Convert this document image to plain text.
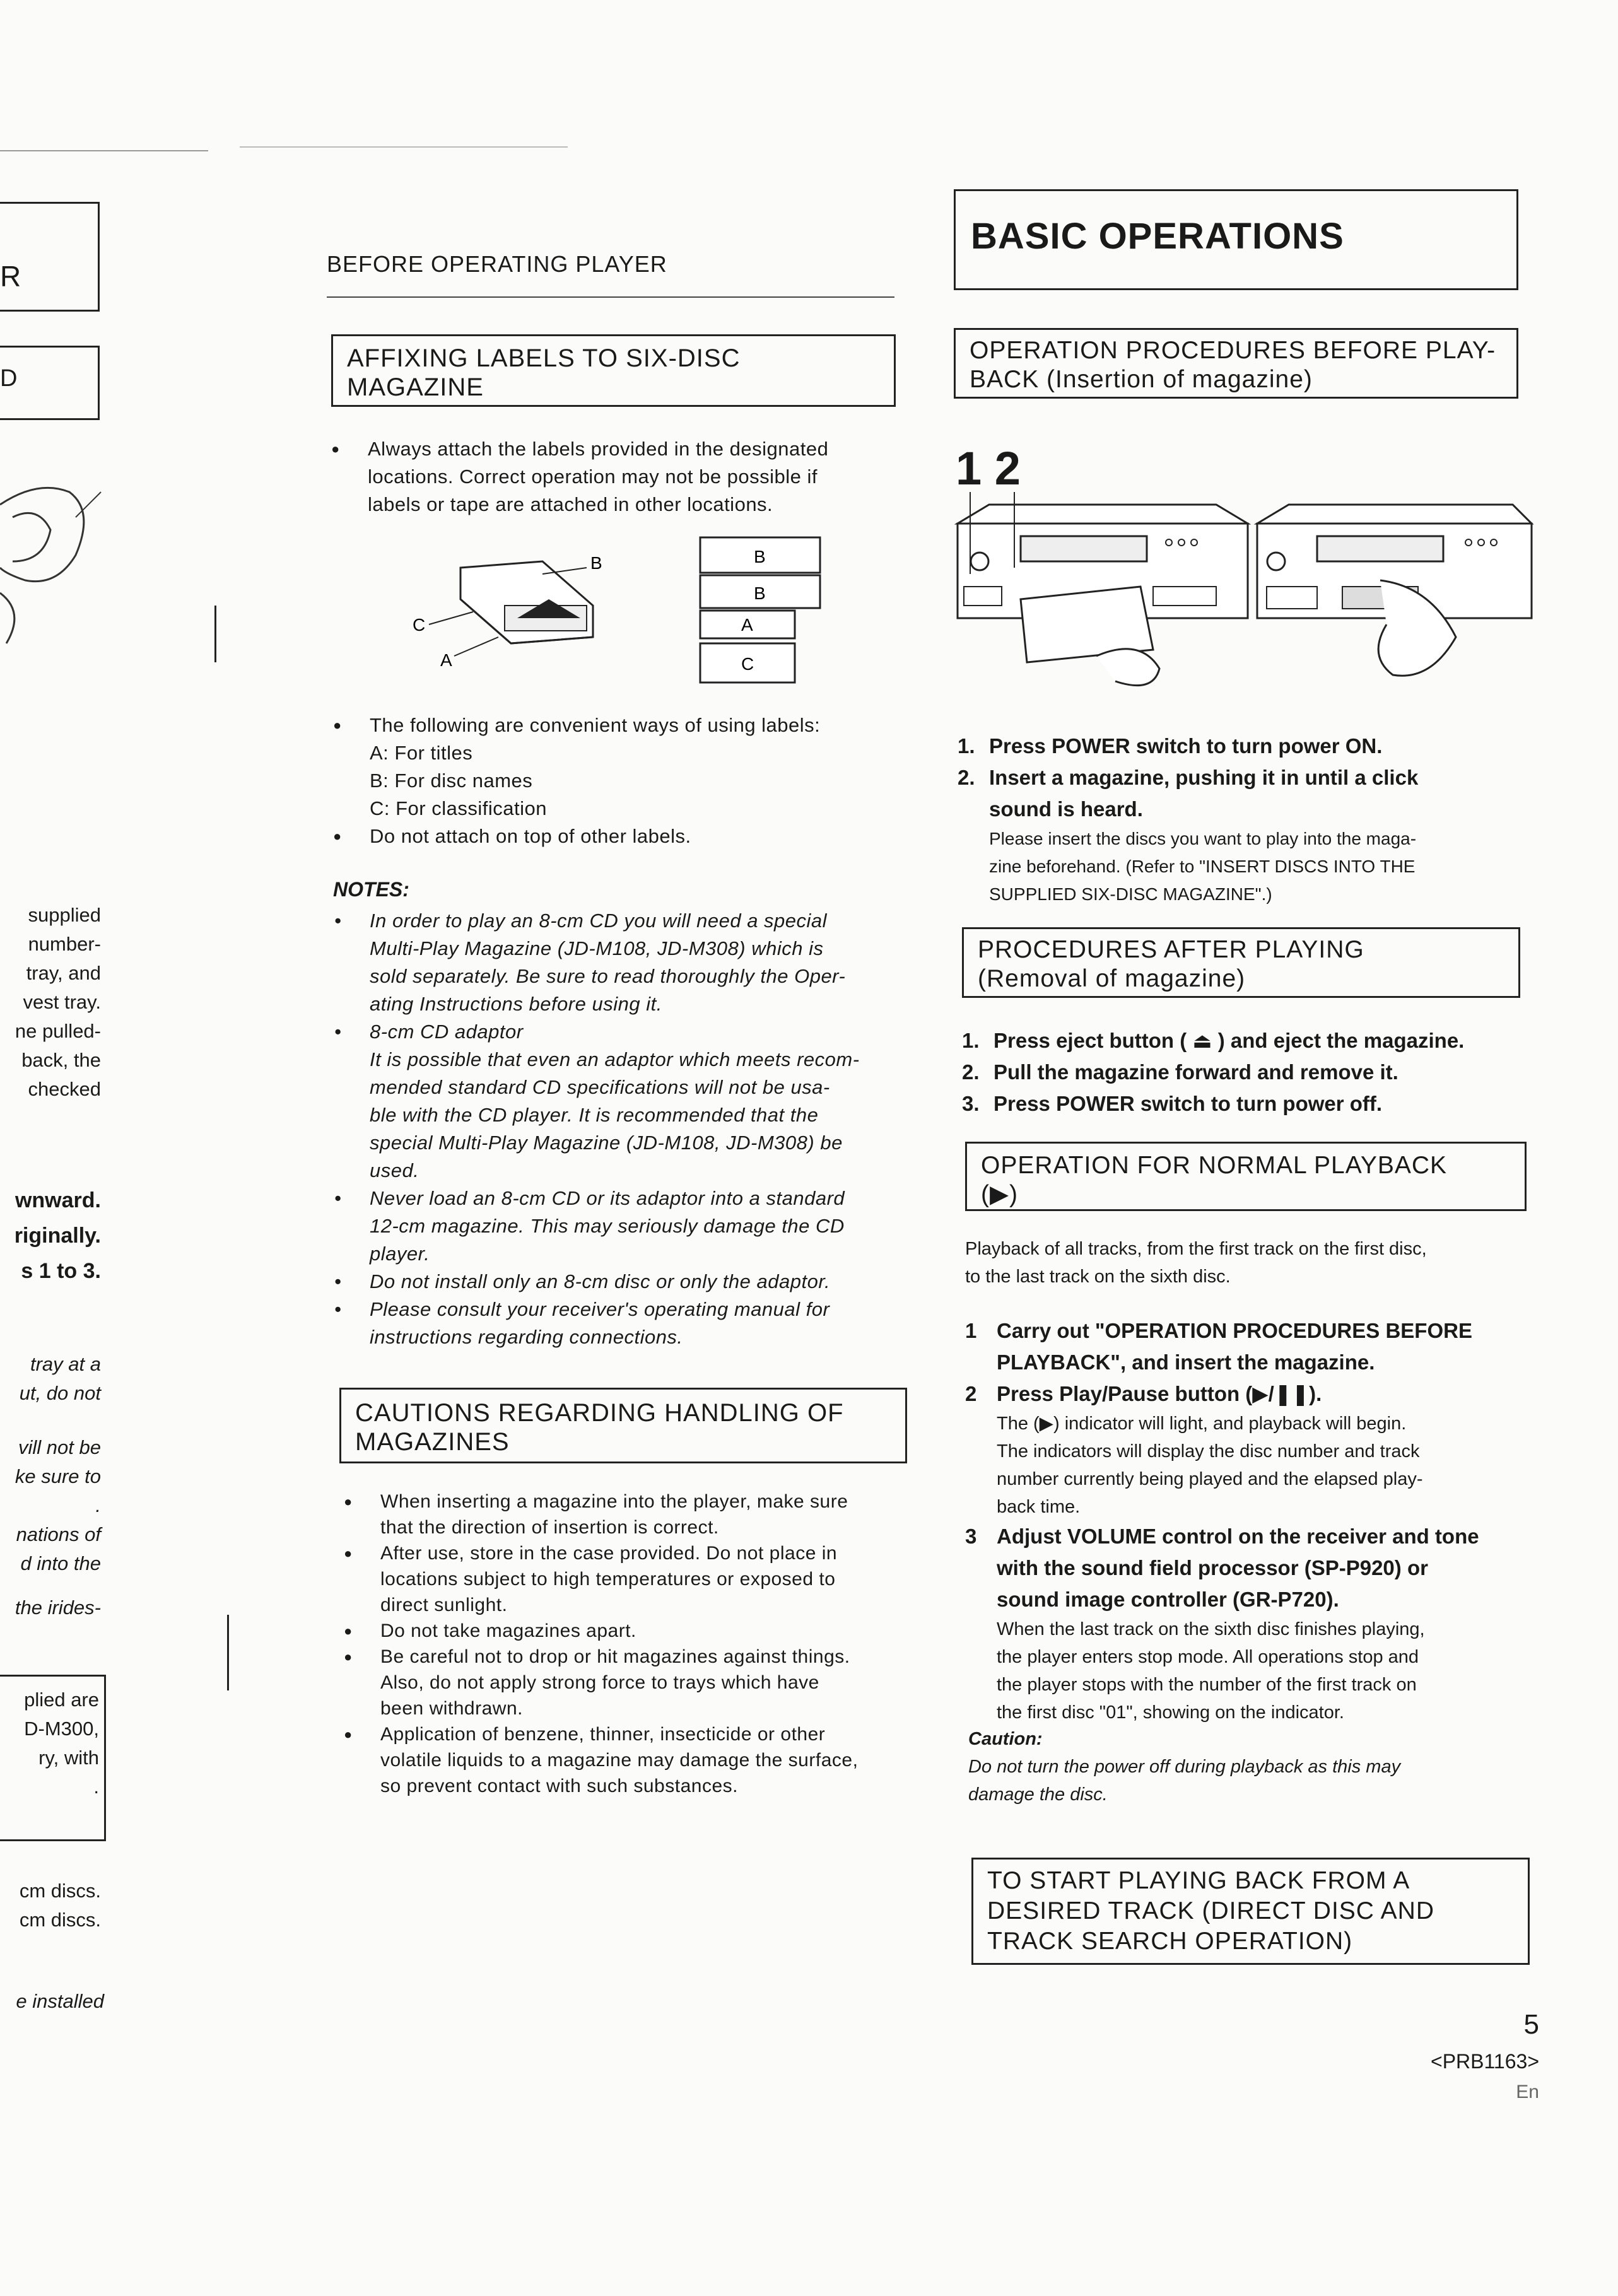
R
D
supplied
number-
tray, and
vest tray.
ne pulled-
back, the
checked
wnward.
riginally.
s 1 to 3.
tray at a
ut, do not
vill not be
ke sure to
.
nations of
d into the
the irides-
plied are
D-M300,
ry, with
.
cm discs.
cm discs.
e installed
BEFORE OPERATING PLAYER
AFFIXING LABELS TO SIX-DISC
MAGAZINE
● Always attach the labels provided in the designated
locations. Correct operation may not be possible if
labels or tape are attached in other locations.
B
C
A
B
B
A
C
● The following are convenient ways of using labels:
A: For titles
B: For disc names
C: For classification
● Do not attach on top of other labels.
NOTES:
• In order to play an 8-cm CD you will need a special
Multi-Play Magazine (JD-M108, JD-M308) which is
sold separately. Be sure to read thoroughly the Oper-
ating Instructions before using it.
• 8-cm CD adaptor
It is possible that even an adaptor which meets recom-
mended standard CD specifications will not be usa-
ble with the CD player. It is recommended that the
special Multi-Play Magazine (JD-M108, JD-M308) be
used.
• Never load an 8-cm CD or its adaptor into a standard
12-cm magazine. This may seriously damage the CD
player.
• Do not install only an 8-cm disc or only the adaptor.
• Please consult your receiver's operating manual for
instructions regarding connections.
CAUTIONS REGARDING HANDLING OF
MAGAZINES
● When inserting a magazine into the player, make sure
that the direction of insertion is correct.
● After use, store in the case provided. Do not place in
locations subject to high temperatures or exposed to
direct sunlight.
● Do not take magazines apart.
● Be careful not to drop or hit magazines against things.
Also, do not apply strong force to trays which have
been withdrawn.
● Application of benzene, thinner, insecticide or other
volatile liquids to a magazine may damage the surface,
so prevent contact with such substances.
BASIC OPERATIONS
OPERATION PROCEDURES BEFORE PLAY-
BACK (Insertion of magazine)
1 2
1. Press POWER switch to turn power ON.
2. Insert a magazine, pushing it in until a click
sound is heard.
Please insert the discs you want to play into the maga-
zine beforehand. (Refer to "INSERT DISCS INTO THE
SUPPLIED SIX-DISC MAGAZINE".)
PROCEDURES AFTER PLAYING
(Removal of magazine)
1. Press eject button ( ⏏ ) and eject the magazine.
2. Pull the magazine forward and remove it.
3. Press POWER switch to turn power off.
OPERATION FOR NORMAL PLAYBACK
(▶)
Playback of all tracks, from the first track on the first disc,
to the last track on the sixth disc.
1 Carry out "OPERATION PROCEDURES BEFORE
PLAYBACK", and insert the magazine.
2 Press Play/Pause button (▶/❚❚).
The (▶) indicator will light, and playback will begin.
The indicators will display the disc number and track
number currently being played and the elapsed play-
back time.
3 Adjust VOLUME control on the receiver and tone
with the sound field processor (SP-P920) or
sound image controller (GR-P720).
When the last track on the sixth disc finishes playing,
the player enters stop mode. All operations stop and
the player stops with the number of the first track on
the first disc "01", showing on the indicator.
Caution:
Do not turn the power off during playback as this may
damage the disc.
TO START PLAYING BACK FROM A
DESIRED TRACK (DIRECT DISC AND
TRACK SEARCH OPERATION)
5
<PRB1163>
En
